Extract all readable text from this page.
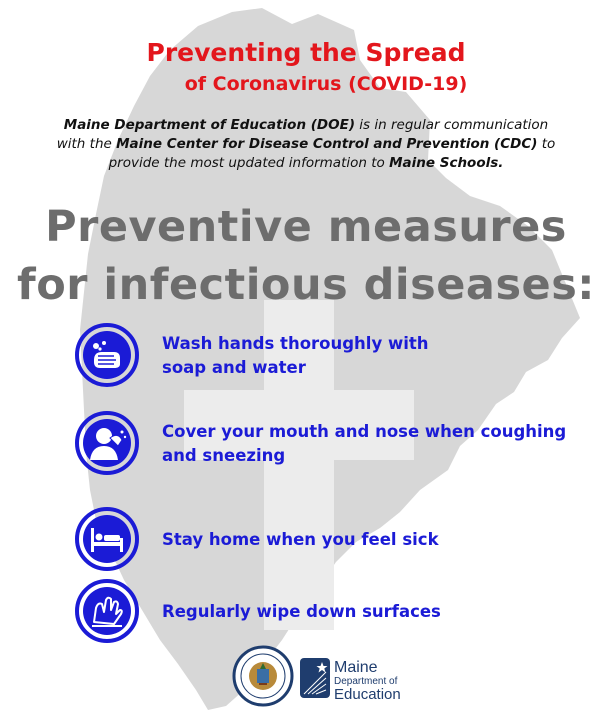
Preventing the Spread
of Coronavirus (COVID-19)
Maine Department of Education (DOE) is in regular communication with the Maine Center for Disease Control and Prevention (CDC) to provide the most updated information to Maine Schools.
Preventive measures
for infectious diseases:
Wash hands thoroughly with
soap and water
Cover your mouth and nose when coughing
and sneezing
Stay home when you feel sick
Regularly wipe down surfaces
Maine
Department of
Education
